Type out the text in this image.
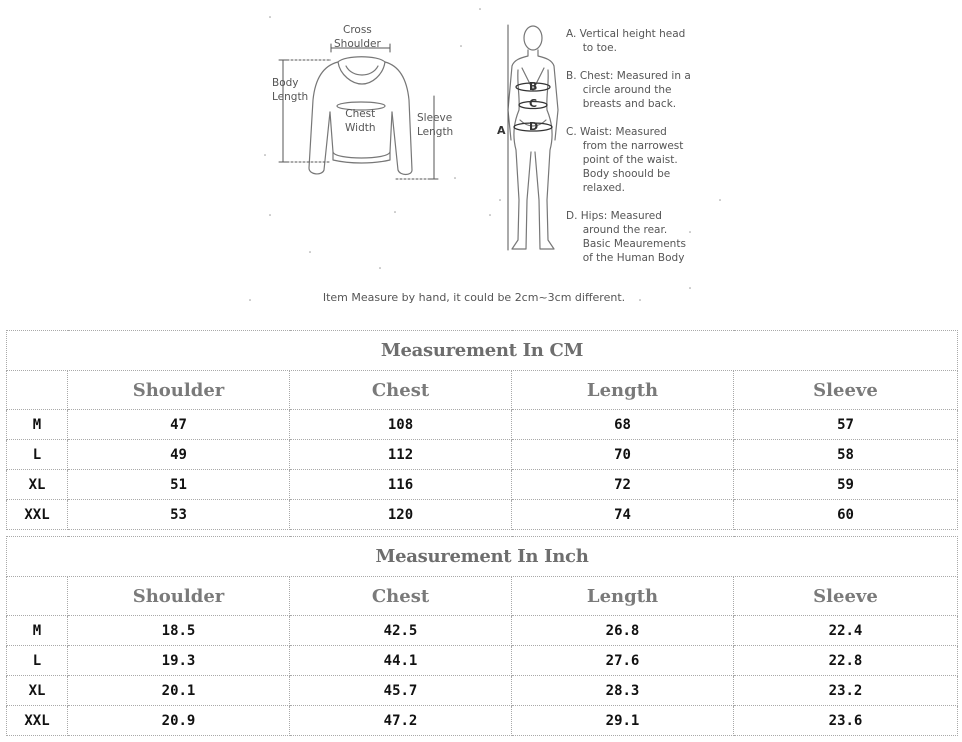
Cross
Shoulder
Body
Length
Chest
Width
Sleeve
Length	A
B
C
D
A. Vertical height head
to toe.
B. Chest: Measured in a
circle around the
breasts and back.
C. Waist: Measured
from the narrowest
point of the waist.
Body shoould be
relaxed.
D. Hips: Measured
around the rear.
Basic Meaurements
of the Human Body
Item Measure by hand, it could be 2cm~3cm different.
Measurement In CM				
	Shoulder	Chest	Length	Sleeve
M	47	108	68	57
L	49	112	70	58
XL	51	116	72	59
XXL	53	120	74	60
Measurement In Inch				
	Shoulder	Chest	Length	Sleeve
M	18.5	42.5	26.8	22.4
L	19.3	44.1	27.6	22.8
XL	20.1	45.7	28.3	23.2
XXL	20.9	47.2	29.1	23.6
